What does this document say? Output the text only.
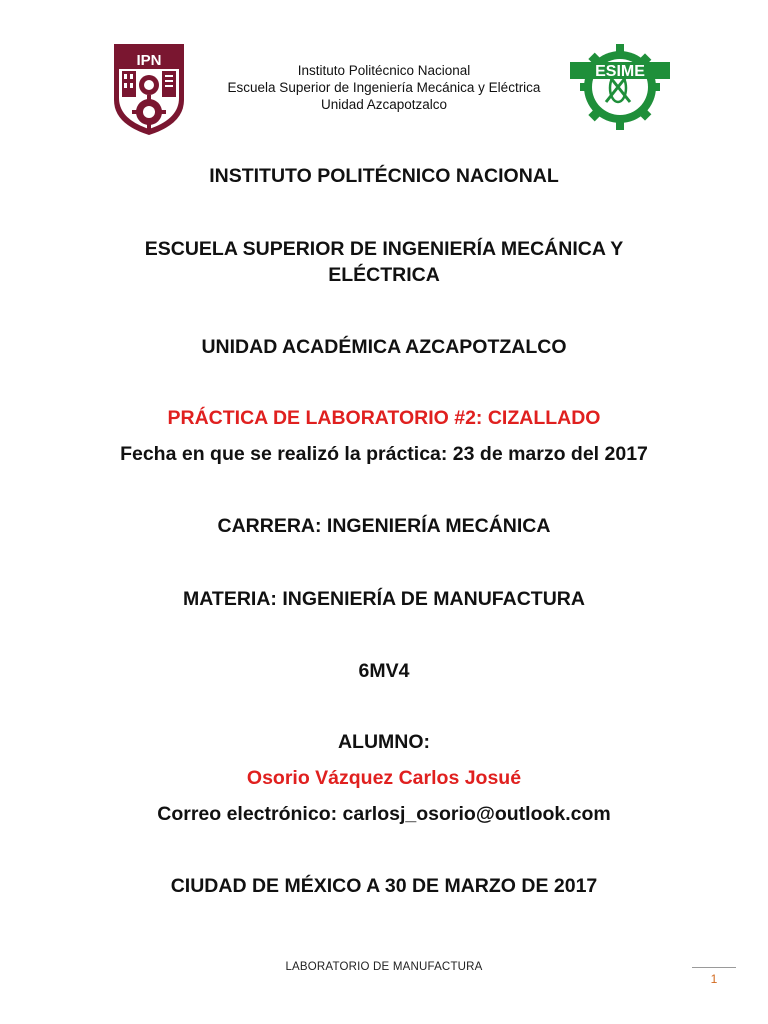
IPN
Instituto Politécnico Nacional
Escuela Superior de Ingeniería Mecánica y Eléctrica
Unidad Azcapotzalco
ESIME
INSTITUTO POLITÉCNICO NACIONAL
ESCUELA SUPERIOR DE INGENIERÍA MECÁNICA Y
ELÉCTRICA
UNIDAD ACADÉMICA AZCAPOTZALCO
PRÁCTICA DE LABORATORIO #2: CIZALLADO
Fecha en que se realizó la práctica: 23 de marzo del 2017
CARRERA: INGENIERÍA MECÁNICA
MATERIA: INGENIERÍA DE MANUFACTURA
6MV4
ALUMNO:
Osorio Vázquez Carlos Josué
Correo electrónico: carlosj_osorio@outlook.com
CIUDAD DE MÉXICO A 30 DE MARZO DE 2017
LABORATORIO DE MANUFACTURA
1
